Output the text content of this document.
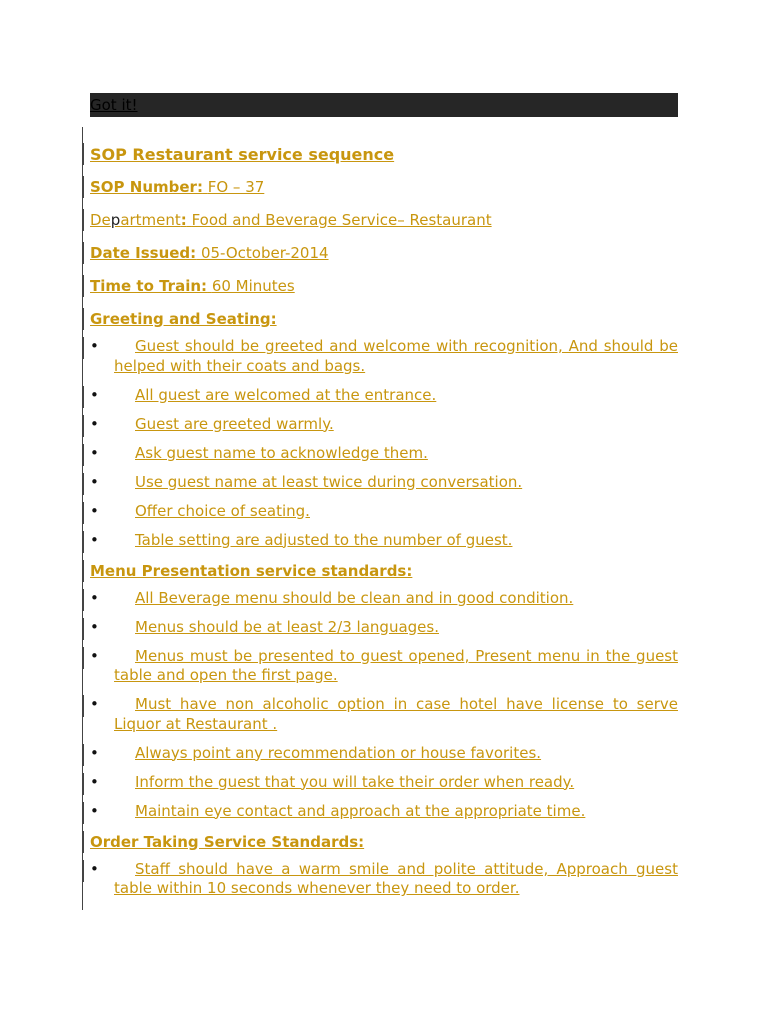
Got it!

SOP Restaurant service sequence

SOP Number: FO – 37

Department: Food and Beverage Service– Restaurant

Date Issued: 05-October-2014

Time to Train: 60 Minutes

Greeting and Seating:

• Guest should be greeted and welcome with recognition, And should be helped with their coats and bags.

• All guest are welcomed at the entrance.

• Guest are greeted warmly.

• Ask guest name to acknowledge them.

• Use guest name at least twice during conversation.

• Offer choice of seating.

• Table setting are adjusted to the number of guest.

Menu Presentation service standards:

• All Beverage menu should be clean and in good condition.

• Menus should be at least 2/3 languages.

• Menus must be presented to guest opened, Present menu in the guest table and open the first page.

• Must have non alcoholic option in case hotel have license to serve Liquor at Restaurant .

• Always point any recommendation or house favorites.

• Inform the guest that you will take their order when ready.

• Maintain eye contact and approach at the appropriate time.

Order Taking Service Standards:

• Staff should have a warm smile and polite attitude, Approach guest table within 10 seconds whenever they need to order.
